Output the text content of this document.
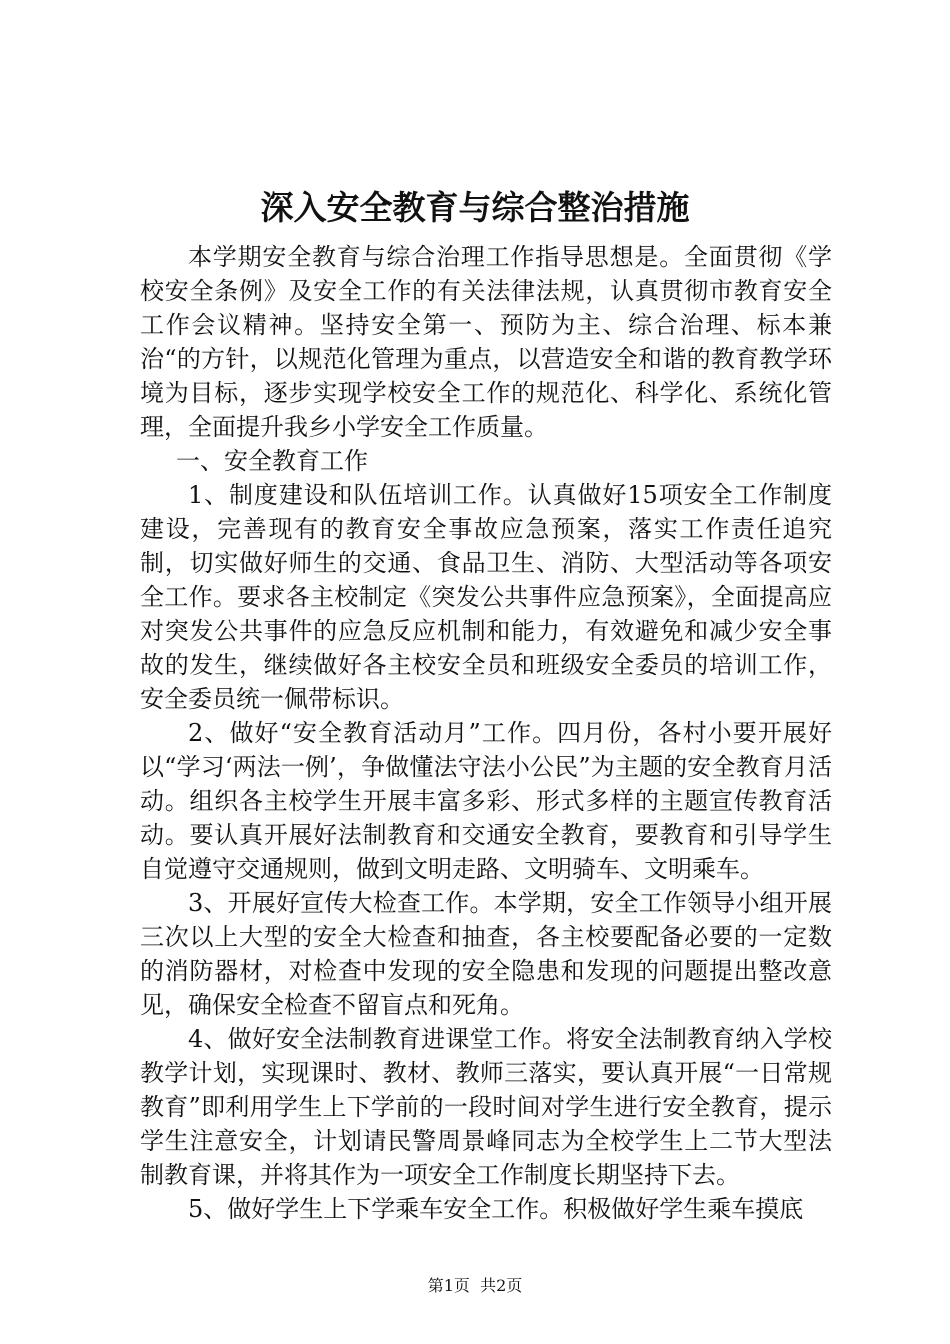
深入安全教育与综合整治措施

本学期安全教育与综合治理工作指导思想是。全面贯彻《学校安全条例》及安全工作的有关法律法规，认真贯彻市教育安全工作会议精神。坚持安全第一、预防为主、综合治理、标本兼治“的方针，以规范化管理为重点，以营造安全和谐的教育教学环境为目标，逐步实现学校安全工作的规范化、科学化、系统化管理，全面提升我乡小学安全工作质量。

一、安全教育工作

1、制度建设和队伍培训工作。认真做好15项安全工作制度建设，完善现有的教育安全事故应急预案，落实工作责任追究制，切实做好师生的交通、食品卫生、消防、大型活动等各项安全工作。要求各主校制定《突发公共事件应急预案》，全面提高应对突发公共事件的应急反应机制和能力，有效避免和减少安全事故的发生，继续做好各主校安全员和班级安全委员的培训工作，安全委员统一佩带标识。

2、做好“安全教育活动月”工作。四月份，各村小要开展好以“学习‘两法一例’，争做懂法守法小公民”为主题的安全教育月活动。组织各主校学生开展丰富多彩、形式多样的主题宣传教育活动。要认真开展好法制教育和交通安全教育，要教育和引导学生自觉遵守交通规则，做到文明走路、文明骑车、文明乘车。

3、开展好宣传大检查工作。本学期，安全工作领导小组开展三次以上大型的安全大检查和抽查，各主校要配备必要的一定数的消防器材，对检查中发现的安全隐患和发现的问题提出整改意见，确保安全检查不留盲点和死角。

4、做好安全法制教育进课堂工作。将安全法制教育纳入学校教学计划，实现课时、教材、教师三落实，要认真开展“一日常规教育”即利用学生上下学前的一段时间对学生进行安全教育，提示学生注意安全，计划请民警周景峰同志为全校学生上二节大型法制教育课，并将其作为一项安全工作制度长期坚持下去。

5、做好学生上下学乘车安全工作。积极做好学生乘车摸底

第1页  共2页
